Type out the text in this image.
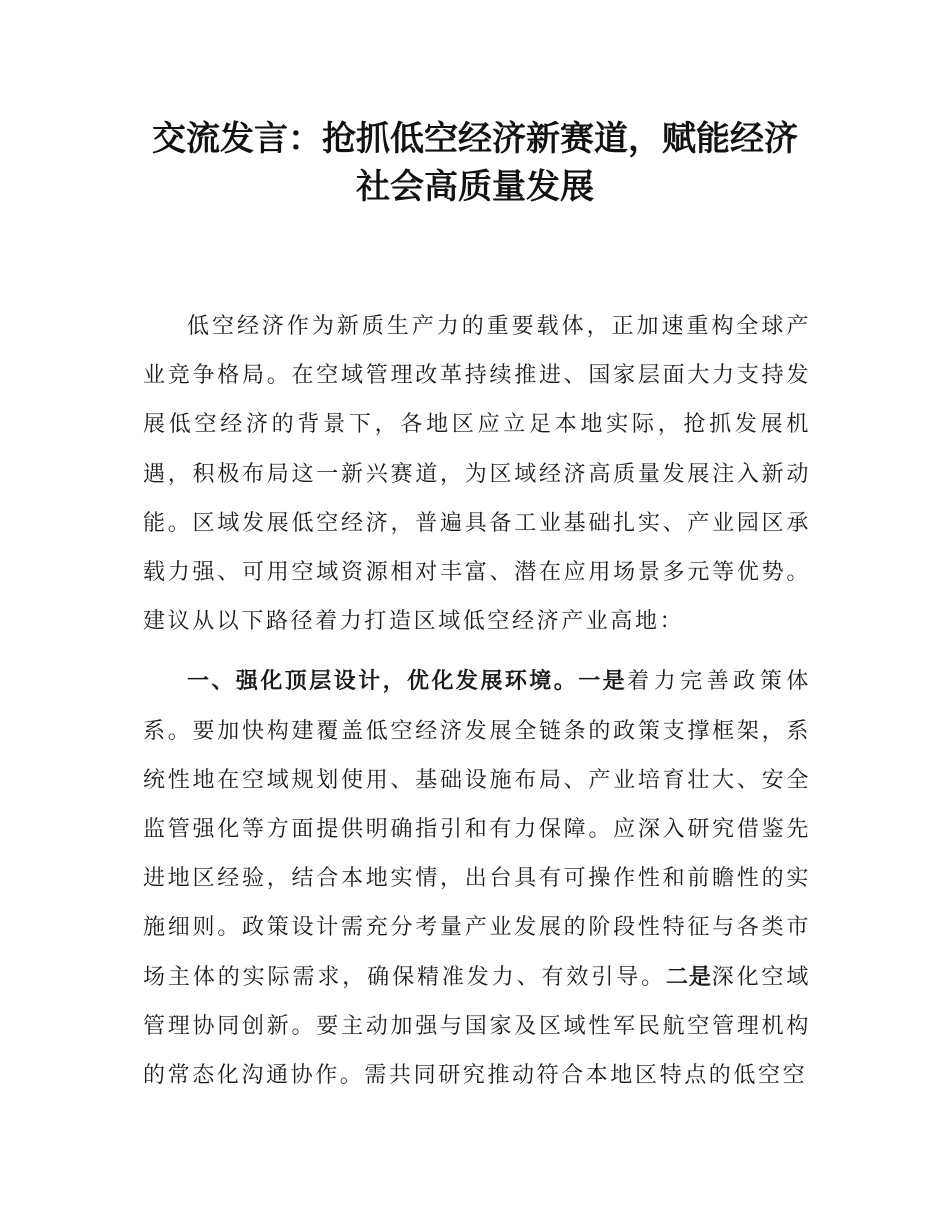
交流发言：抢抓低空经济新赛道，赋能经济
社会高质量发展

低空经济作为新质生产力的重要载体，正加速重构全球产业竞争格局。在空域管理改革持续推进、国家层面大力支持发展低空经济的背景下，各地区应立足本地实际，抢抓发展机遇，积极布局这一新兴赛道，为区域经济高质量发展注入新动能。区域发展低空经济，普遍具备工业基础扎实、产业园区承载力强、可用空域资源相对丰富、潜在应用场景多元等优势。建议从以下路径着力打造区域低空经济产业高地：

一、强化顶层设计，优化发展环境。一是着力完善政策体系。要加快构建覆盖低空经济发展全链条的政策支撑框架，系统性地在空域规划使用、基础设施布局、产业培育壮大、安全监管强化等方面提供明确指引和有力保障。应深入研究借鉴先进地区经验，结合本地实情，出台具有可操作性和前瞻性的实施细则。政策设计需充分考量产业发展的阶段性特征与各类市场主体的实际需求，确保精准发力、有效引导。二是深化空域管理协同创新。要主动加强与国家及区域性军民航空管理机构的常态化沟通协作。需共同研究推动符合本地区特点的低空空
